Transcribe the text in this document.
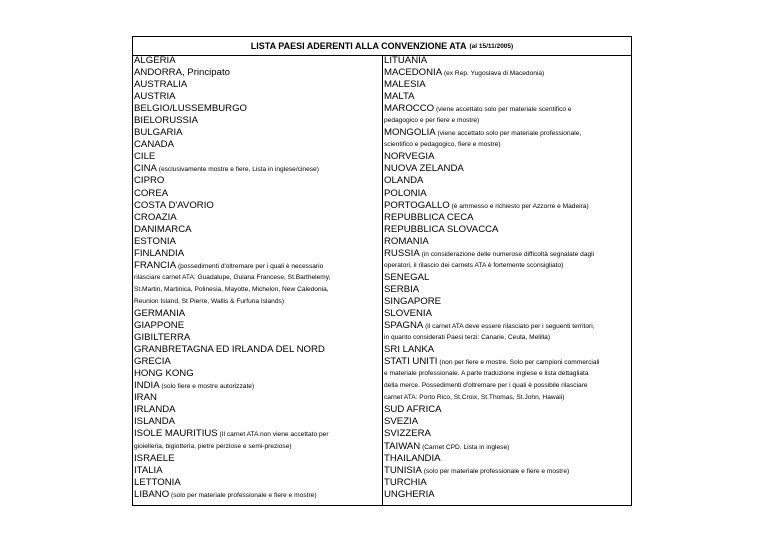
LISTA PAESI ADERENTI ALLA CONVENZIONE ATA (al 15/11/2005)
ALGERIA
ANDORRA, Principato
AUSTRALIA
AUSTRIA
BELGIO/LUSSEMBURGO
BIELORUSSIA
BULGARIA
CANADA
CILE
CINA (esclusivamente mostre e fiere. Lista in inglese/cinese)
CIPRO
COREA
COSTA D'AVORIO
CROAZIA
DANIMARCA
ESTONIA
FINLANDIA
FRANCIA (possedimenti d'oltremare per i quali è necessario
rilasciare carnet ATA: Guadalupe, Guiana Francese, St.Barthelemy,
St.Martin, Martinica, Polinesia, Mayotte, Michelon, New Caledonia,
Reunion Island, St Pierre, Wallis & Furfuna Islands)
GERMANIA
GIAPPONE
GIBILTERRA
GRANBRETAGNA ED IRLANDA DEL NORD
GRECIA
HONG KONG
INDIA (solo fiere e mostre autorizzate)
IRAN
IRLANDA
ISLANDA
ISOLE MAURITIUS (Il carnet ATA non viene accettato per
gioielleria, bigiotteria, pietre perziose e semi-preziose)
ISRAELE
ITALIA
LETTONIA
LIBANO (solo per materiale professionale e fiere e mostre)
LITUANIA
MACEDONIA (ex Rep. Yugoslava di Macedonia)
MALESIA
MALTA
MAROCCO (viene accettato solo per materiale scentifico e
pedagogico e per fiere e mostre)
MONGOLIA (viene accettato solo per materiale professionale,
scientifico e pedagogico, fiere e mostre)
NORVEGIA
NUOVA ZELANDA
OLANDA
POLONIA
PORTOGALLO (è ammesso e richiesto per Azzorre e Madeira)
REPUBBLICA CECA
REPUBBLICA SLOVACCA
ROMANIA
RUSSIA (in considerazione delle numerose difficoltà segnalate dagli
operatori, il rilascio dei carnets ATA è fortemente sconsigliato)
SENEGAL
SERBIA
SINGAPORE
SLOVENIA
SPAGNA (il carnet ATA deve essere rilasciato per i seguenti territori,
in quanto considerati Paesi terzi: Canarie, Ceuta, Melilla)
SRI LANKA
STATI UNITI (non per fiere e mostre. Solo per campioni commerciali
e materiale professionale. A parte traduzione inglese e lista dettagliata
della merce. Possedimenti d'oltremare per i quali è possibile rilasciare
carnet ATA: Porto Rico, St.Croix, St.Thomas, St.John, Hawaii)
SUD AFRICA
SVEZIA
SVIZZERA
TAIWAN (Carnet CPD. Lista in inglese)
THAILANDIA
TUNISIA (solo per materiale professionale e fiere e mostre)
TURCHIA
UNGHERIA
